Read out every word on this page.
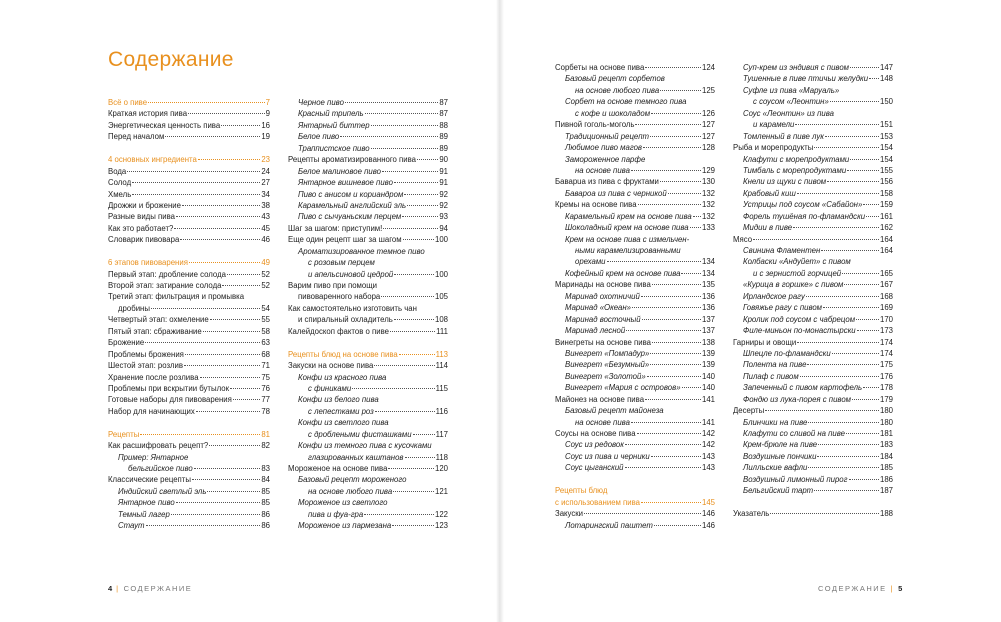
Содержание
Всё о пиве	7
Краткая история пива	9
Энергетическая ценность пива	16
Перед началом	19
4 основных ингредиента	23
Вода	24
Солод	27
Хмель	34
Дрожжи и брожение	38
Разные виды пива	43
Как это работает?	45
Словарик пивовара	46
6 этапов пивоварения	49
Первый этап: дробление солода	52
Второй этап: затирание солода	52
Третий этап: фильтрация и промывка
дробины	54
Четвертый этап: охмеление	55
Пятый этап: сбраживание	58
Брожение	63
Проблемы брожения	68
Шестой этап: розлив	71
Хранение после розлива	75
Проблемы при вскрытии бутылок	76
Готовые наборы для пивоварения	77
Набор для начинающих	78
Рецепты	81
Как расшифровать рецепт?	82
Пример: Янтарное
бельгийское пиво	83
Классические рецепты	84
Индийский светлый эль	85
Янтарное пиво	85
Темный лагер	86
Стаут	86
Черное пиво	87
Красный трипель	87
Янтарный биттер	88
Белое пиво	89
Траппистское пиво	89
Рецепты ароматизированного пива	90
Белое малиновое пиво	91
Янтарное вишневое пиво	91
Пиво с анисом и кориандром	92
Карамельный английский эль	92
Пиво с сычуаньским перцем	93
Шаг за шагом: приступим!	94
Еще один рецепт шаг за шагом	100
Ароматизированное темное пиво
с розовым перцем
и апельсиновой цедрой	100
Варим пиво при помощи
пивоваренного набора	105
Как самостоятельно изготовить чан
и спиральный охладитель	108
Калейдоскоп фактов о пиве	111
Рецепты блюд на основе пива	113
Закуски на основе пива	114
Конфи из красного пива
с финиками	115
Конфи из белого пива
с лепестками роз	116
Конфи из светлого пива
с дроблеными фисташками	117
Конфи из темного пива с кусочками
глазированных каштанов	118
Мороженое на основе пива	120
Базовый рецепт мороженого
на основе любого пива	121
Мороженое из светлого
пива и фуа-гра	122
Мороженое из пармезана	123
Сорбеты на основе пива	124
Базовый рецепт сорбетов
на основе любого пива	125
Сорбет на основе темного пива
с кофе и шоколадом	126
Пивной гоголь-моголь	127
Традиционный рецепт	127
Любимое пиво магов	128
Замороженное парфе
на основе пива	129
Баварua из пива с фруктами	130
Бавароа из пива с черникой	132
Кремы на основе пива	132
Карамельный крем на основе пива 132
Шоколадный крем на основе пива 133
Крем на основе пива с измельчен-
ными карамелизированными
орехами	134
Кофейный крем на основе пива	134
Маринады на основе пива	135
Маринад охотничий	136
Маринад «Океан»	136
Маринад восточный	137
Маринад лесной	137
Винегреты на основе пива	138
Винегрет «Помпадур»	139
Винегрет «Безумный»	139
Винегрет «Золотой»	140
Винегрет «Мария с островов»	140
Майонез на основе пива	141
Базовый рецепт майонеза
на основе пива	141
Соусы на основе пива	142
Соус из редовок	142
Соус из пива и черники	143
Соус цыганский	143
Рецепты блюд
с использованием пива	145
Закуски	146
Лотарингский паштет	146
Суп-крем из эндивия с пивом	147
Тушенные в пиве птичьи желудки 148
Суфле из пива «Маруаль»
с соусом «Леонтин»	150
Соус «Леонтин» из пива
и карамели	151
Томленный в пиве лук	153
Рыба и морепродукты	154
Клафути с морепродуктами	154
Тимбаль с морепродуктами	155
Кнели из щуки с пивом	156
Крабовый киш	158
Устрицы под соусом «Сабайон» 159
Форель тушёная по-фламандски 161
Мидии в пиве	162
Мясо	164
Свинина Фламентен	164
Колбаски «Андуйет» с пивом
и с зернистой горчицей	165
«Курица в горшке» с пивом	167
Ирландское рагу	168
Говяжье рагу с пивом	169
Кролик под соусом с чабрецом	170
Филе-миньон по-монастырски	173
Гарниры и овощи	174
Шпецле по-фламандски	174
Полента на пиве	175
Пилаф с пивом	176
Запеченный с пивом картофель 178
Фондю из лука-порея с пивом	179
Десерты	180
Блинчики на пиве	180
Клафути со сливой на пиве	181
Крем-брюле на пиве	183
Воздушные пончики	184
Лилльские вафли	185
Воздушный лимонный пирог	186
Бельгийский тарт	187
Указатель	188
4 | СОДЕРЖАНИЕ	СОДЕРЖАНИЕ | 5
